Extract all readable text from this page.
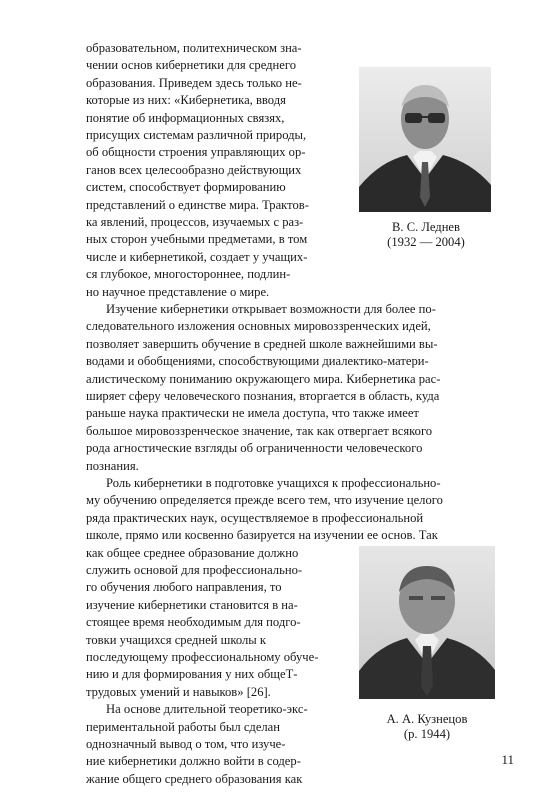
образовательном, политехническом зна-
чении основ кибернетики для среднего
образования. Приведем здесь только не-
которые из них: «Кибернетика, вводя
понятие об информационных связях,
присущих системам различной природы,
об общности строения управляющих ор-
ганов всех целесообразно действующих
систем, способствует формированию
представлений о единстве мира. Трактов-
ка явлений, процессов, изучаемых с раз-
ных сторон учебными предметами, в том
числе и кибернетикой, создает у учащих-
ся глубокое, многостороннее, подлин-
но научное представление о мире.
В. С. Леднев
(1932 — 2004)
Изучение кибернетики открывает возможности для более по-
следовательного изложения основных мировоззренческих идей,
позволяет завершить обучение в средней школе важнейшими вы-
водами и обобщениями, способствующими диалектико-матери-
алистическому пониманию окружающего мира. Кибернетика рас-
ширяет сферу человеческого познания, вторгается в область, куда
раньше наука практически не имела доступа, что также имеет
большое мировоззренческое значение, так как отвергает всякого
рода агностические взгляды об ограниченности человеческого
познания.
Роль кибернетики в подготовке учащихся к профессионально-
му обучению определяется прежде всего тем, что изучение целого
ряда практических наук, осуществляемое в профессиональной
школе, прямо или косвенно базируется на изучении ее основ. Так
как общее среднее образование должно
служить основой для профессионально-
го обучения любого направления, то
изучение кибернетики становится в на-
стоящее время необходимым для подго-
товки учащихся средней школы к
последующему профессиональному обуче-
нию и для формирования у них общеТ-
трудовых умений и навыков» [26].
На основе длительной теоретико-экс-
периментальной работы был сделан
однозначный вывод о том, что изуче-
ние кибернетики должно войти в содер-
жание общего среднего образования как
А. А. Кузнецов
(р. 1944)
11
